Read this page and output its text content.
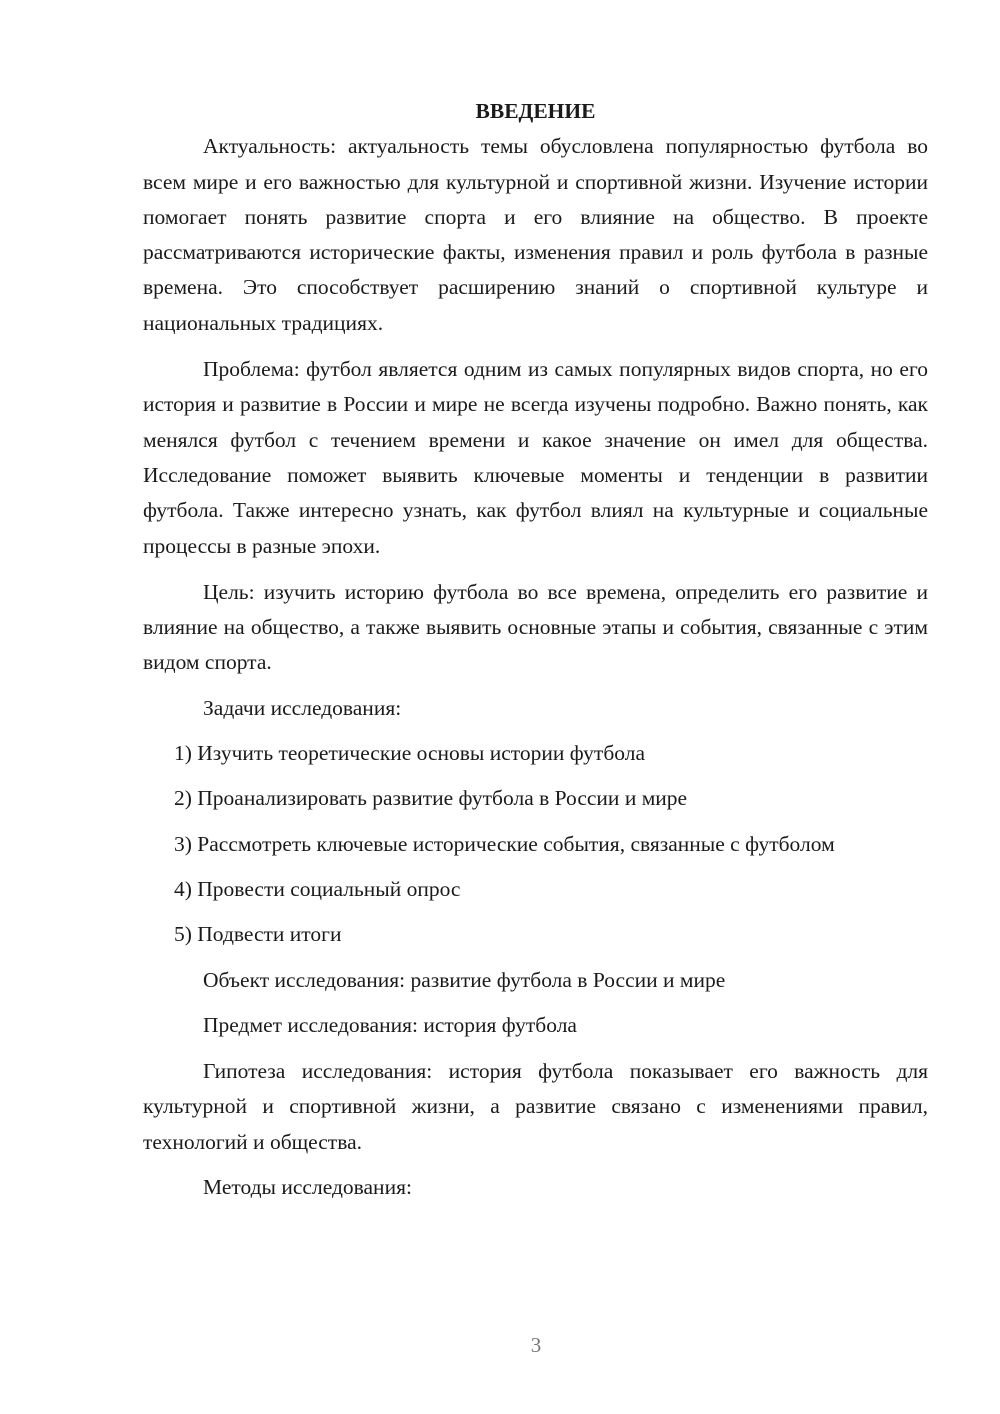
ВВЕДЕНИЕ

Актуальность: актуальность темы обусловлена популярностью футбола во всем мире и его важностью для культурной и спортивной жизни. Изучение истории помогает понять развитие спорта и его влияние на общество. В проекте рассматриваются исторические факты, изменения правил и роль футбола в разные времена. Это способствует расширению знаний о спортивной культуре и национальных традициях.

Проблема: футбол является одним из самых популярных видов спорта, но его история и развитие в России и мире не всегда изучены подробно. Важно понять, как менялся футбол с течением времени и какое значение он имел для общества. Исследование поможет выявить ключевые моменты и тенденции в развитии футбола. Также интересно узнать, как футбол влиял на культурные и социальные процессы в разные эпохи.

Цель: изучить историю футбола во все времена, определить его развитие и влияние на общество, а также выявить основные этапы и события, связанные с этим видом спорта.

Задачи исследования:

1) Изучить теоретические основы истории футбола

2) Проанализировать развитие футбола в России и мире

3) Рассмотреть ключевые исторические события, связанные с футболом

4) Провести социальный опрос

5) Подвести итоги

Объект исследования: развитие футбола в России и мире

Предмет исследования: история футбола

Гипотеза исследования: история футбола показывает его важность для культурной и спортивной жизни, а развитие связано с изменениями правил, технологий и общества.

Методы исследования:

3
